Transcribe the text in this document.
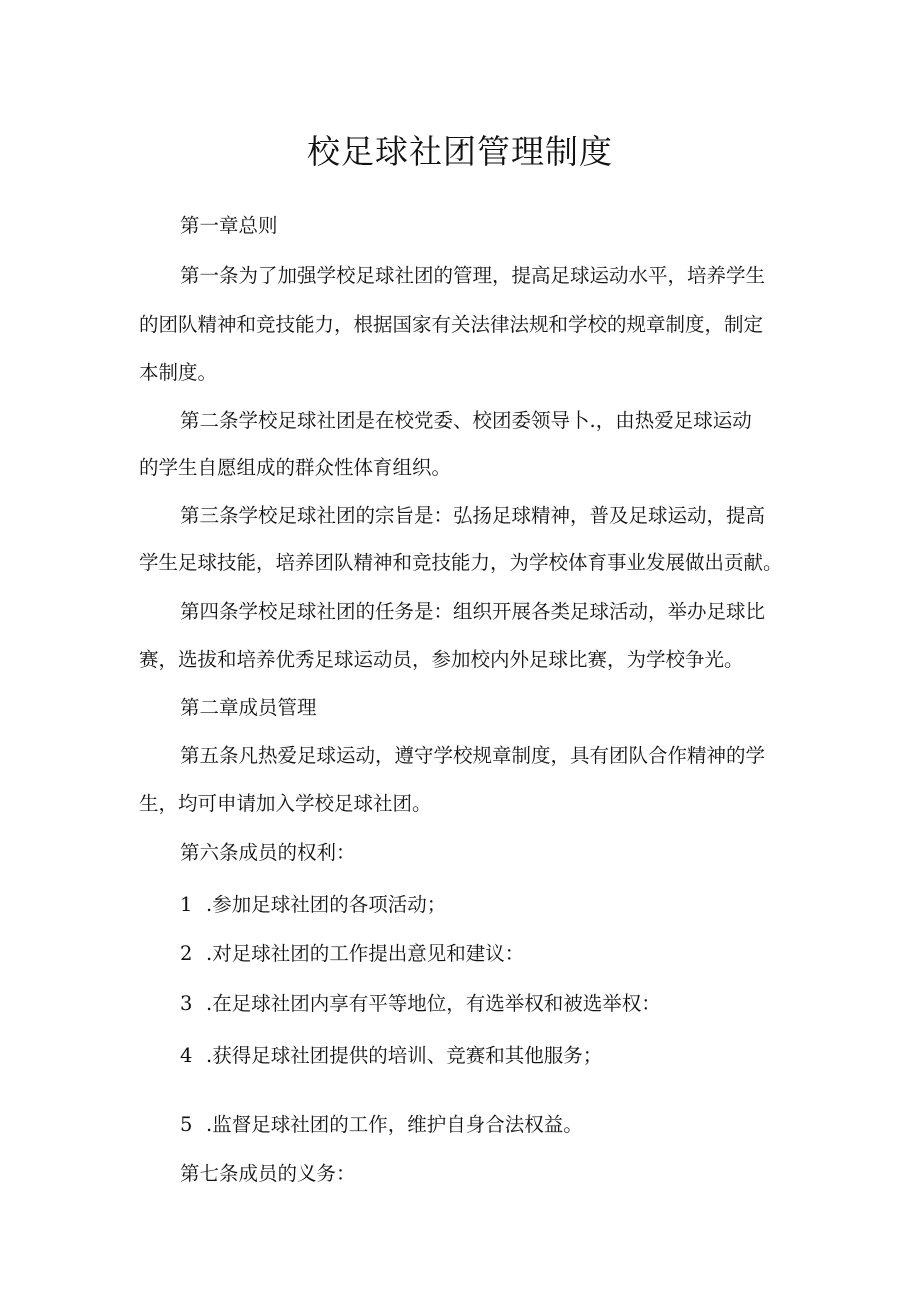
校足球社团管理制度

第一章总则

第一条为了加强学校足球社团的管理，提高足球运动水平，培养学生

的团队精神和竞技能力，根据国家有关法律法规和学校的规章制度，制定

本制度。

第二条学校足球社团是在校党委、校团委领导卜.，由热爱足球运动

的学生自愿组成的群众性体育组织。

第三条学校足球社团的宗旨是：弘扬足球精神，普及足球运动，提高

学生足球技能，培养团队精神和竞技能力，为学校体育事业发展做出贡献。

第四条学校足球社团的任务是：组织开展各类足球活动，举办足球比

赛，选拔和培养优秀足球运动员，参加校内外足球比赛，为学校争光。

第二章成员管理

第五条凡热爱足球运动，遵守学校规章制度，具有团队合作精神的学

生，均可申请加入学校足球社团。

第六条成员的权利：

1 .参加足球社团的各项活动；

2 .对足球社团的工作提出意见和建议：

3 .在足球社团内享有平等地位，有选举权和被选举权：

4 .获得足球社团提供的培训、竞赛和其他服务；

5 .监督足球社团的工作，维护自身合法权益。

第七条成员的义务：
